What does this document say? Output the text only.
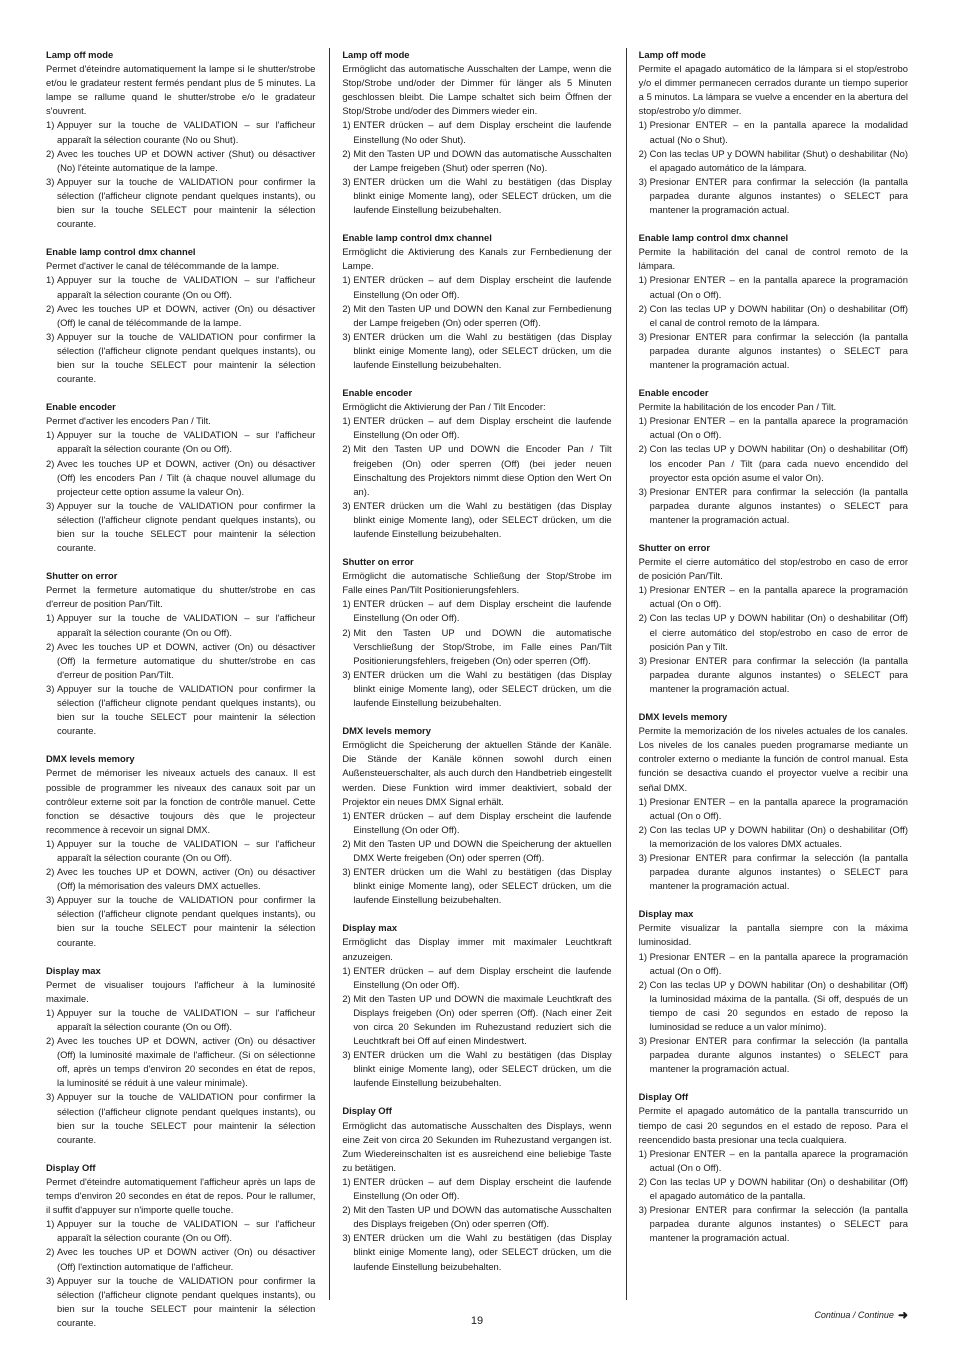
Lamp off mode

Permet d'éteindre automatiquement la lampe si le shutter/strobe et/ou le gradateur restent fermés pendant plus de 5 minutes. La lampe se rallume quand le shutter/strobe e/o le gradateur s'ouvrent.

1) Appuyer sur la touche de VALIDATION – sur l'afficheur apparaît la sélection courante (No ou Shut).
2) Avec les touches UP et DOWN activer (Shut) ou désactiver (No) l'éteinte automatique de la lampe.
3) Appuyer sur la touche de VALIDATION pour confirmer la sélection (l'afficheur clignote pendant quelques instants), ou bien sur la touche SELECT pour maintenir la sélection courante.
Enable lamp control dmx channel

Permet d'activer le canal de télécommande de la lampe.

1) Appuyer sur la touche de VALIDATION – sur l'afficheur apparaît la sélection courante (On ou Off).
2) Avec les touches UP et DOWN, activer (On) ou désactiver (Off) le canal de télécommande de la lampe.
3) Appuyer sur la touche de VALIDATION pour confirmer la sélection (l'afficheur clignote pendant quelques instants), ou bien sur la touche SELECT pour maintenir la sélection courante.
Enable encoder

Permet d'activer les encoders Pan / Tilt.

1) Appuyer sur la touche de VALIDATION – sur l'afficheur apparaît la sélection courante (On ou Off).
2) Avec les touches UP et DOWN, activer (On) ou désactiver (Off) les encoders Pan / Tilt (à chaque nouvel allumage du projecteur cette option assume la valeur On).
3) Appuyer sur la touche de VALIDATION pour confirmer la sélection (l'afficheur clignote pendant quelques instants), ou bien sur la touche SELECT pour maintenir la sélection courante.
Shutter on error

Permet la fermeture automatique du shutter/strobe en cas d'erreur de position Pan/Tilt.

1) Appuyer sur la touche de VALIDATION – sur l'afficheur apparaît la sélection courante (On ou Off).
2) Avec les touches UP et DOWN, activer (On) ou désactiver (Off) la fermeture automatique du shutter/strobe en cas d'erreur de position Pan/Tilt.
3) Appuyer sur la touche de VALIDATION pour confirmer la sélection (l'afficheur clignote pendant quelques instants), ou bien sur la touche SELECT pour maintenir la sélection courante.
DMX levels memory

Permet de mémoriser les niveaux actuels des canaux. Il est possible de programmer les niveaux des canaux soit par un contrôleur externe soit par la fonction de contrôle manuel. Cette fonction se désactive toujours dès que le projecteur recommence à recevoir un signal DMX.

1) Appuyer sur la touche de VALIDATION – sur l'afficheur apparaît la sélection courante (On ou Off).
2) Avec les touches UP et DOWN, activer (On) ou désactiver (Off) la mémorisation des valeurs DMX actuelles.
3) Appuyer sur la touche de VALIDATION pour confirmer la sélection (l'afficheur clignote pendant quelques instants), ou bien sur la touche SELECT pour maintenir la sélection courante.
Display max

Permet de visualiser toujours l'afficheur à la luminosité maximale.

1) Appuyer sur la touche de VALIDATION – sur l'afficheur apparaît la sélection courante (On ou Off).
2) Avec les touches UP et DOWN, activer (On) ou désactiver (Off) la luminosité maximale de l'afficheur. (Si on sélectionne off, après un temps d'environ 20 secondes en état de repos, la luminosité se réduit à une valeur minimale).
3) Appuyer sur la touche de VALIDATION pour confirmer la sélection (l'afficheur clignote pendant quelques instants), ou bien sur la touche SELECT pour maintenir la sélection courante.
Display Off

Permet d'éteindre automatiquement l'afficheur après un laps de temps d'environ 20 secondes en état de repos. Pour le rallumer, il suffit d'appuyer sur n'importe quelle touche.

1) Appuyer sur la touche de VALIDATION – sur l'afficheur apparaît la sélection courante (On ou Off).
2) Avec les touches UP et DOWN activer (On) ou désactiver (Off) l'extinction automatique de l'afficheur.
3) Appuyer sur la touche de VALIDATION pour confirmer la sélection (l'afficheur clignote pendant quelques instants), ou bien sur la touche SELECT pour maintenir la sélection courante.
Lamp off mode

Ermöglicht das automatische Ausschalten der Lampe, wenn die Stop/Strobe und/oder der Dimmer für länger als 5 Minuten geschlossen bleibt. Die Lampe schaltet sich beim Öffnen der Stop/Strobe und/oder des Dimmers wieder ein.

1) ENTER drücken – auf dem Display erscheint die laufende Einstellung (No oder Shut).
2) Mit den Tasten UP und DOWN das automatische Ausschalten der Lampe freigeben (Shut) oder sperren (No).
3) ENTER drücken um die Wahl zu bestätigen (das Display blinkt einige Momente lang), oder SELECT drücken, um die laufende Einstellung beizubehalten.
Enable lamp control dmx channel

Ermöglicht die Aktivierung des Kanals zur Fernbedienung der Lampe.

1) ENTER drücken – auf dem Display erscheint die laufende Einstellung (On oder Off).
2) Mit den Tasten UP und DOWN den Kanal zur Fernbedienung der Lampe freigeben (On) oder sperren (Off).
3) ENTER drücken um die Wahl zu bestätigen (das Display blinkt einige Momente lang), oder SELECT drücken, um die laufende Einstellung beizubehalten.
Enable encoder

Ermöglicht die Aktivierung der Pan / Tilt Encoder:

1) ENTER drücken – auf dem Display erscheint die laufende Einstellung (On oder Off).
2) Mit den Tasten UP und DOWN die Encoder Pan / Tilt freigeben (On) oder sperren (Off) (bei jeder neuen Einschaltung des Projektors nimmt diese Option den Wert On an).
3) ENTER drücken um die Wahl zu bestätigen (das Display blinkt einige Momente lang), oder SELECT drücken, um die laufende Einstellung beizubehalten.
Shutter on error

Ermöglicht die automatische Schließung der Stop/Strobe im Falle eines Pan/Tilt Positionierungsfehlers.

1) ENTER drücken – auf dem Display erscheint die laufende Einstellung (On oder Off).
2) Mit den Tasten UP und DOWN die automatische Verschließung der Stop/Strobe, im Falle eines Pan/Tilt Positionierungsfehlers, freigeben (On) oder sperren (Off).
3) ENTER drücken um die Wahl zu bestätigen (das Display blinkt einige Momente lang), oder SELECT drücken, um die laufende Einstellung beizubehalten.
DMX levels memory

Ermöglicht die Speicherung der aktuellen Stände der Kanäle. Die Stände der Kanäle können sowohl durch einen Außensteuerschalter, als auch durch den Handbetrieb eingestellt werden. Diese Funktion wird immer deaktiviert, sobald der Projektor ein neues DMX Signal erhält.

1) ENTER drücken – auf dem Display erscheint die laufende Einstellung (On oder Off).
2) Mit den Tasten UP und DOWN die Speicherung der aktuellen DMX Werte freigeben (On) oder sperren (Off).
3) ENTER drücken um die Wahl zu bestätigen (das Display blinkt einige Momente lang), oder SELECT drücken, um die laufende Einstellung beizubehalten.
Display max

Ermöglicht das Display immer mit maximaler Leuchtkraft anzuzeigen.

1) ENTER drücken – auf dem Display erscheint die laufende Einstellung (On oder Off).
2) Mit den Tasten UP und DOWN die maximale Leuchtkraft des Displays freigeben (On) oder sperren (Off). (Nach einer Zeit von circa 20 Sekunden im Ruhezustand reduziert sich die Leuchtkraft bei Off auf einen Mindestwert.
3) ENTER drücken um die Wahl zu bestätigen (das Display blinkt einige Momente lang), oder SELECT drücken, um die laufende Einstellung beizubehalten.
Display Off

Ermöglicht das automatische Ausschalten des Displays, wenn eine Zeit von circa 20 Sekunden im Ruhezustand vergangen ist. Zum Wiedereinschalten ist es ausreichend eine beliebige Taste zu betätigen.

1) ENTER drücken – auf dem Display erscheint die laufende Einstellung (On oder Off).
2) Mit den Tasten UP und DOWN das automatische Ausschalten des Displays freigeben (On) oder sperren (Off).
3) ENTER drücken um die Wahl zu bestätigen (das Display blinkt einige Momente lang), oder SELECT drücken, um die laufende Einstellung beizubehalten.
Lamp off mode

Permite el apagado automático de la lámpara si el stop/estrobo y/o el dimmer permanecen cerrados durante un tiempo superior a 5 minutos. La lámpara se vuelve a encender en la abertura del stop/estrobo y/o dimmer.

1) Presionar ENTER – en la pantalla aparece la modalidad actual (No o Shut).
2) Con las teclas UP y DOWN habilitar (Shut) o deshabilitar (No) el apagado automático de la lámpara.
3) Presionar ENTER para confirmar la selección (la pantalla parpadea durante algunos instantes) o SELECT para mantener la programación actual.
Enable lamp control dmx channel

Permite la habilitación del canal de control remoto de la lámpara.

1) Presionar ENTER – en la pantalla aparece la programación actual (On o Off).
2) Con las teclas UP y DOWN habilitar (On) o deshabilitar (Off) el canal de control remoto de la lámpara.
3) Presionar ENTER para confirmar la selección (la pantalla parpadea durante algunos instantes) o SELECT para mantener la programación actual.
Enable encoder

Permite la habilitación de los encoder Pan / Tilt.

1) Presionar ENTER – en la pantalla aparece la programación actual (On o Off).
2) Con las teclas UP y DOWN habilitar (On) o deshabilitar (Off) los encoder Pan / Tilt (para cada nuevo encendido del proyector esta opción asume el valor On).
3) Presionar ENTER para confirmar la selección (la pantalla parpadea durante algunos instantes) o SELECT para mantener la programación actual.
Shutter on error

Permite el cierre automático del stop/estrobo en caso de error de posición Pan/Tilt.

1) Presionar ENTER – en la pantalla aparece la programación actual (On o Off).
2) Con las teclas UP y DOWN habilitar (On) o deshabilitar (Off) el cierre automático del stop/estrobo en caso de error de posición Pan y Tilt.
3) Presionar ENTER para confirmar la selección (la pantalla parpadea durante algunos instantes) o SELECT para mantener la programación actual.
DMX levels memory

Permite la memorización de los niveles actuales de los canales. Los niveles de los canales pueden programarse mediante un controler externo o mediante la función de control manual. Esta función se desactiva cuando el proyector vuelve a recibir una señal DMX.

1) Presionar ENTER – en la pantalla aparece la programación actual (On o Off).
2) Con las teclas UP y DOWN habilitar (On) o deshabilitar (Off) la memorización de los valores DMX actuales.
3) Presionar ENTER para confirmar la selección (la pantalla parpadea durante algunos instantes) o SELECT para mantener la programación actual.
Display max

Permite visualizar la pantalla siempre con la máxima luminosidad.

1) Presionar ENTER – en la pantalla aparece la programación actual (On o Off).
2) Con las teclas UP y DOWN habilitar (On) o deshabilitar (Off) la luminosidad máxima de la pantalla. (Si off, después de un tiempo de casi 20 segundos en estado de reposo la luminosidad se reduce a un valor mínimo).
3) Presionar ENTER para confirmar la selección (la pantalla parpadea durante algunos instantes) o SELECT para mantener la programación actual.
Display Off

Permite el apagado automático de la pantalla transcurrido un tiempo de casi 20 segundos en el estado de reposo. Para el reencendido basta presionar una tecla cualquiera.

1) Presionar ENTER – en la pantalla aparece la programación actual (On o Off).
2) Con las teclas UP y DOWN habilitar (On) o deshabilitar (Off) el apagado automático de la pantalla.
3) Presionar ENTER para confirmar la selección (la pantalla parpadea durante algunos instantes) o SELECT para mantener la programación actual.
19	Continua / Continue ➜
